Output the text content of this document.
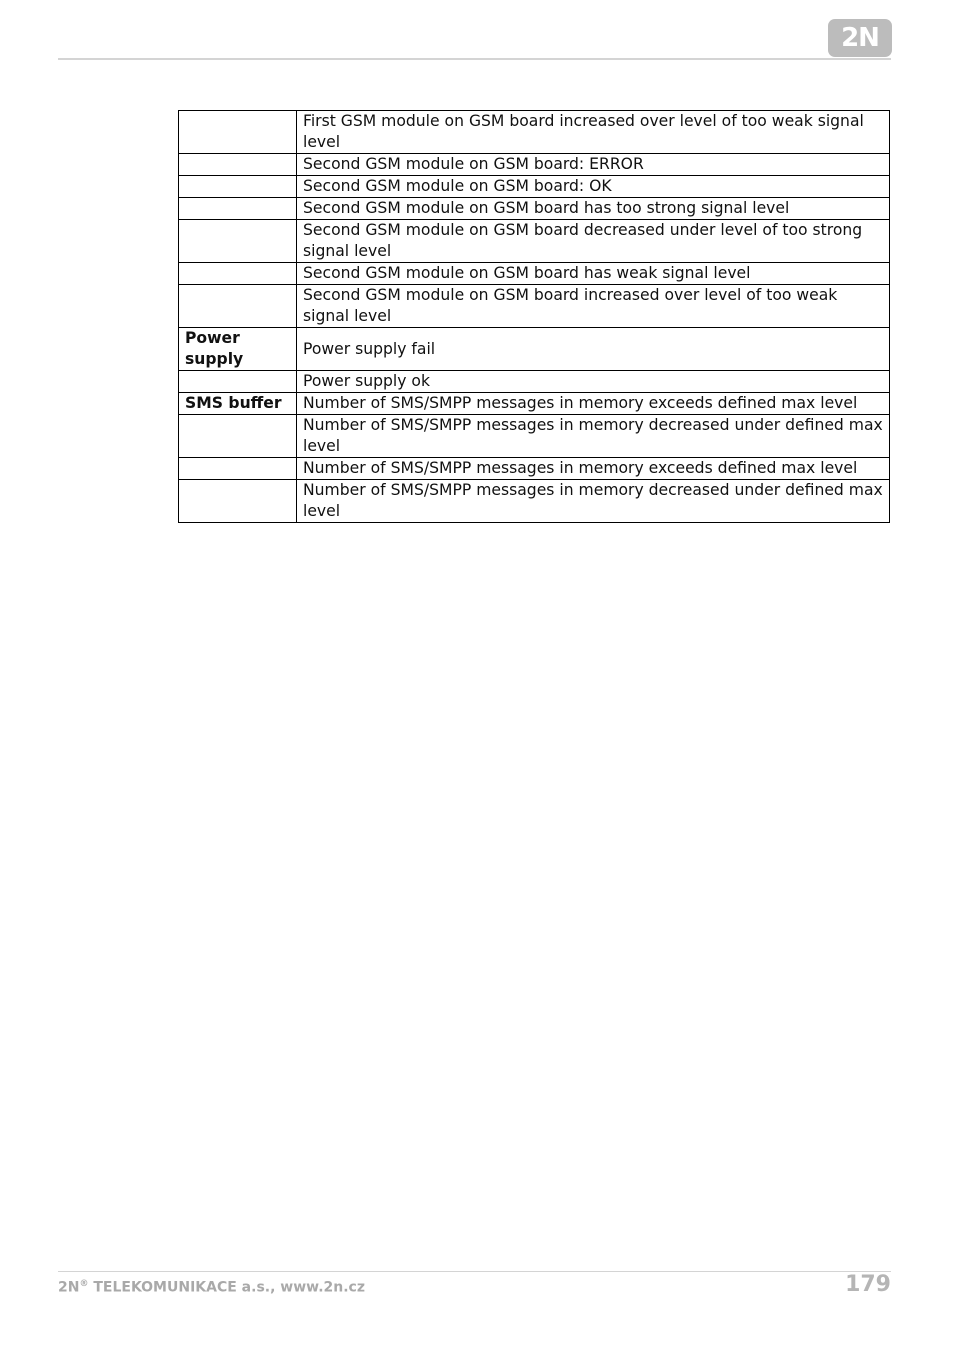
2N
	First GSM module on GSM board increased over level of too weak signal level
	Second GSM module on GSM board: ERROR
	Second GSM module on GSM board: OK
	Second GSM module on GSM board has too strong signal level
	Second GSM module on GSM board decreased under level of too strong signal level
	Second GSM module on GSM board has weak signal level
	Second GSM module on GSM board increased over level of too weak signal level
Power supply	Power supply fail
	Power supply ok
SMS buffer	Number of SMS/SMPP messages in memory exceeds defined max level
	Number of SMS/SMPP messages in memory decreased under defined max level
	Number of SMS/SMPP messages in memory exceeds defined max level
	Number of SMS/SMPP messages in memory decreased under defined max level
2N® TELEKOMUNIKACE a.s., www.2n.cz	179
